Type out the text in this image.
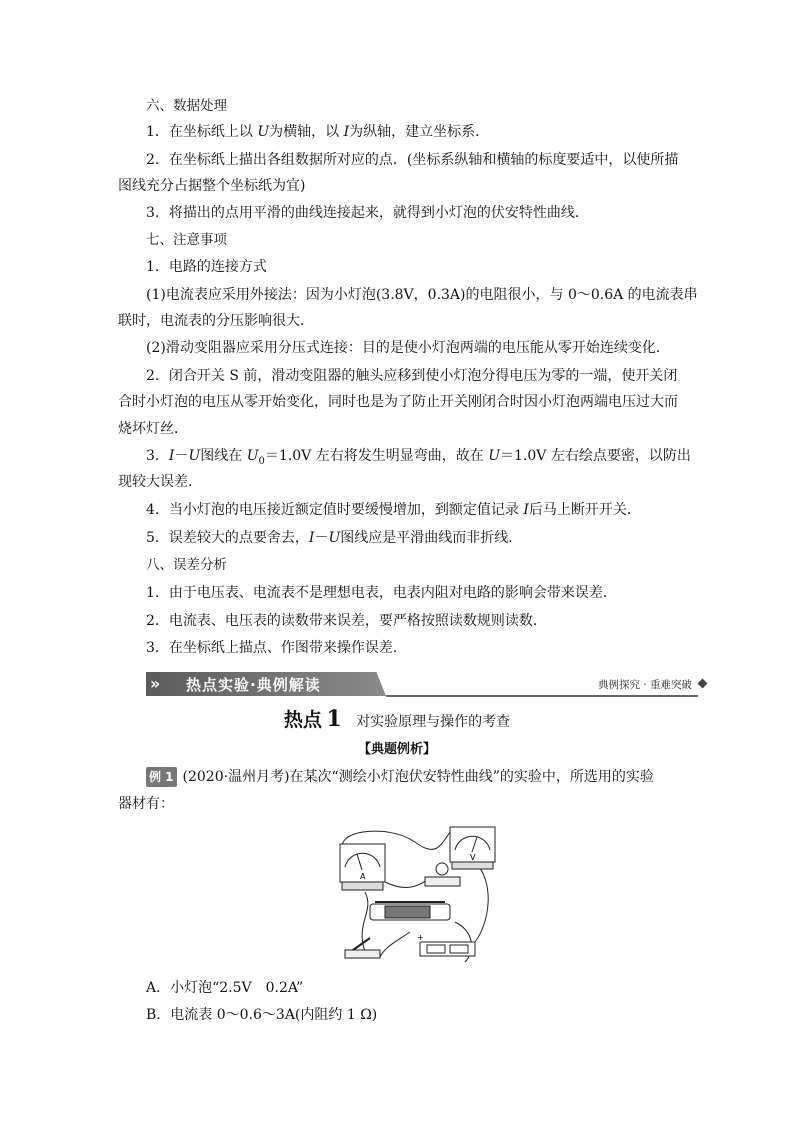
六、数据处理
1．在坐标纸上以 U为横轴，以 I为纵轴，建立坐标系．
2．在坐标纸上描出各组数据所对应的点．(坐标系纵轴和横轴的标度要适中，以使所描
图线充分占据整个坐标纸为宜)
3．将描出的点用平滑的曲线连接起来，就得到小灯泡的伏安特性曲线．
七、注意事项
1．电路的连接方式
(1)电流表应采用外接法：因为小灯泡(3.8V，0.3A)的电阻很小，与 0～0.6A 的电流表串
联时，电流表的分压影响很大．
(2)滑动变阻器应采用分压式连接：目的是使小灯泡两端的电压能从零开始连续变化．
2．闭合开关 S 前，滑动变阻器的触头应移到使小灯泡分得电压为零的一端，使开关闭
合时小灯泡的电压从零开始变化，同时也是为了防止开关刚闭合时因小灯泡两端电压过大而
烧坏灯丝．
3．I－U图线在 $U_0=1.0V$ 左右将发生明显弯曲，故在 U＝1.0V 左右绘点要密，以防出
现较大误差．
4．当小灯泡的电压接近额定值时要缓慢增加，到额定值记录 I后马上断开开关．
5．误差较大的点要舍去，I－U图线应是平滑曲线而非折线．
八、误差分析
1．由于电压表、电流表不是理想电表，电表内阻对电路的影响会带来误差．
2．电流表、电压表的读数带来误差，要严格按照读数规则读数．
3．在坐标纸上描点、作图带来操作误差．
» 热点实验·典例解读	典例探究 · 重难突破
热点 1 对实验原理与操作的考查
【典题例析】
例 1 (2020·温州月考)在某次“测绘小灯泡伏安特性曲线”的实验中，所选用的实验
器材有：
A
V
+
A．小灯泡“2.5V　0.2A”
B．电流表 0～0.6～3A(内阻约 1 Ω)
